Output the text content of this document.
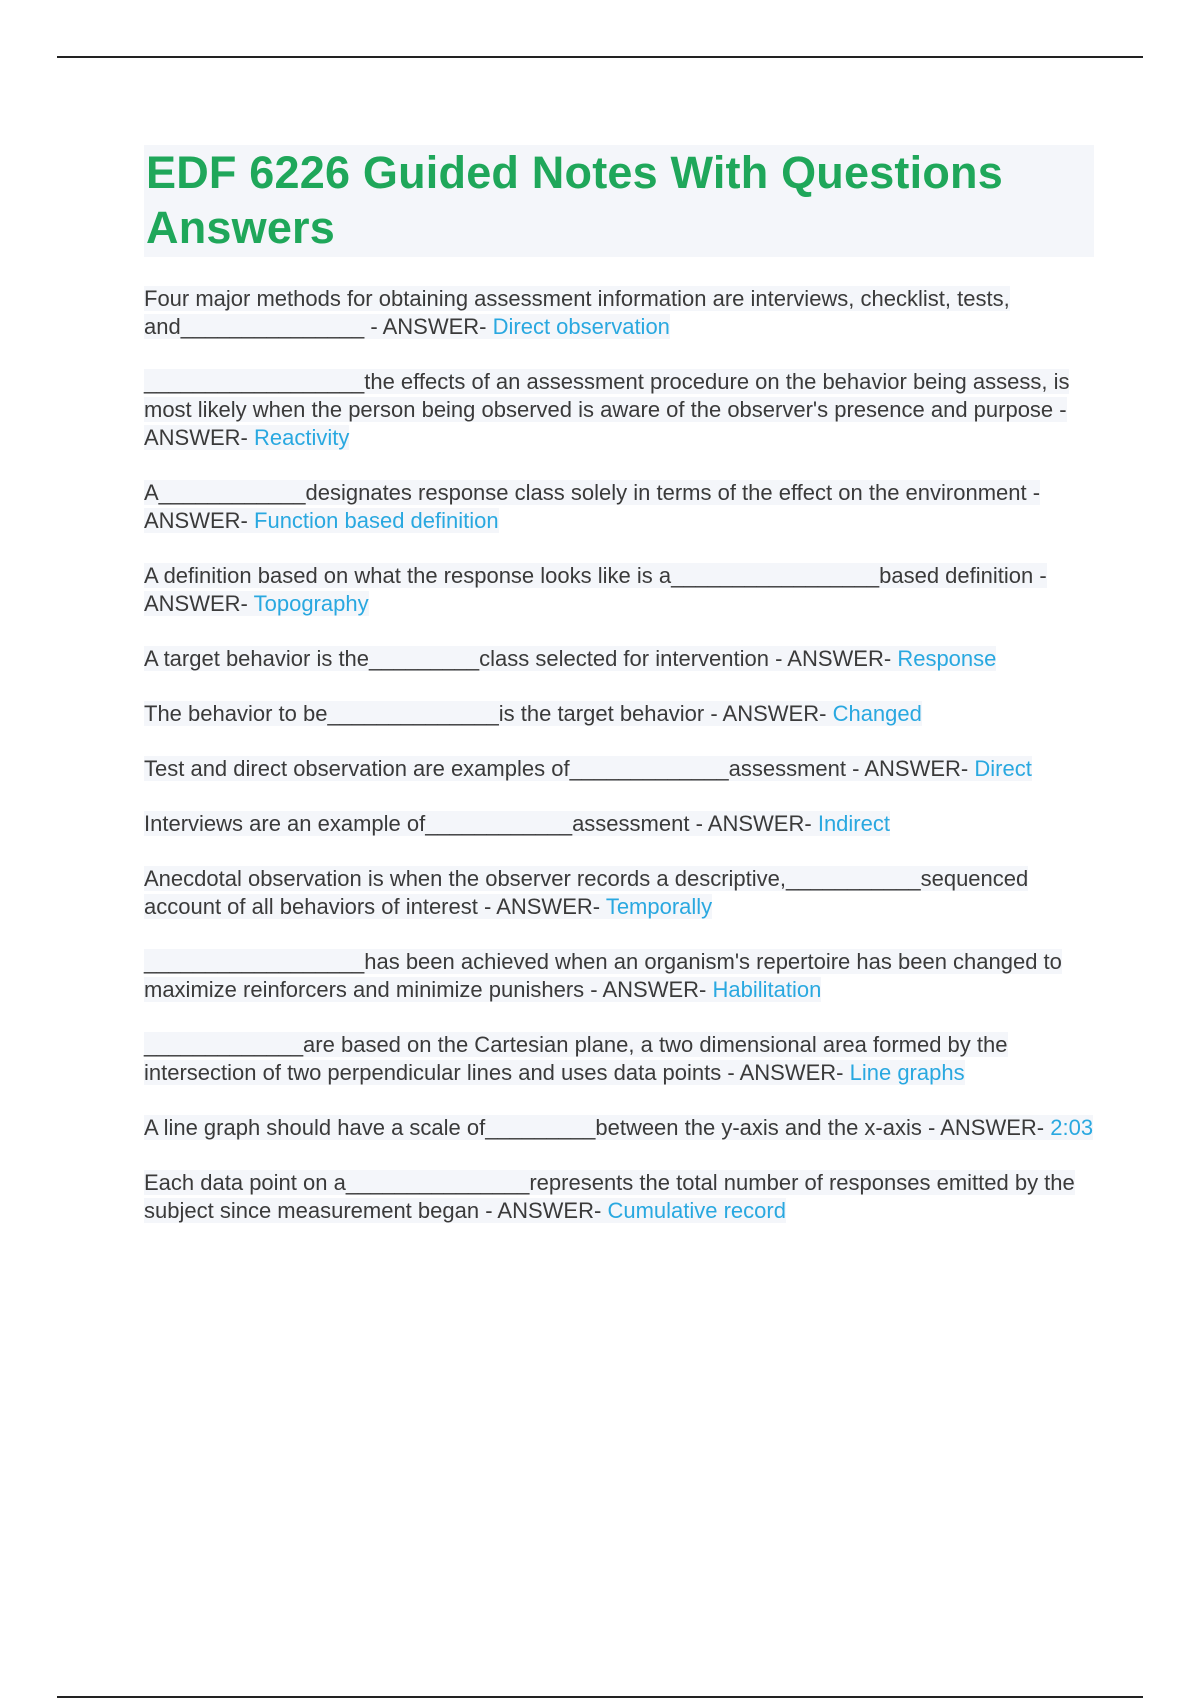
EDF 6226 Guided Notes With Questions Answers
Four major methods for obtaining assessment information are interviews, checklist, tests, and_______________ - ANSWER- Direct observation
__________________the effects of an assessment procedure on the behavior being assess, is most likely when the person being observed is aware of the observer's presence and purpose - ANSWER- Reactivity
A____________designates response class solely in terms of the effect on the environment - ANSWER- Function based definition
A definition based on what the response looks like is a_________________based definition - ANSWER- Topography
A target behavior is the_________class selected for intervention - ANSWER- Response
The behavior to be______________is the target behavior - ANSWER- Changed
Test and direct observation are examples of_____________assessment - ANSWER- Direct
Interviews are an example of____________assessment - ANSWER- Indirect
Anecdotal observation is when the observer records a descriptive,___________sequenced account of all behaviors of interest - ANSWER- Temporally
__________________has been achieved when an organism's repertoire has been changed to maximize reinforcers and minimize punishers - ANSWER- Habilitation
_____________are based on the Cartesian plane, a two dimensional area formed by the intersection of two perpendicular lines and uses data points - ANSWER- Line graphs
A line graph should have a scale of_________between the y-axis and the x-axis - ANSWER- 2:03
Each data point on a_______________represents the total number of responses emitted by the subject since measurement began - ANSWER- Cumulative record
